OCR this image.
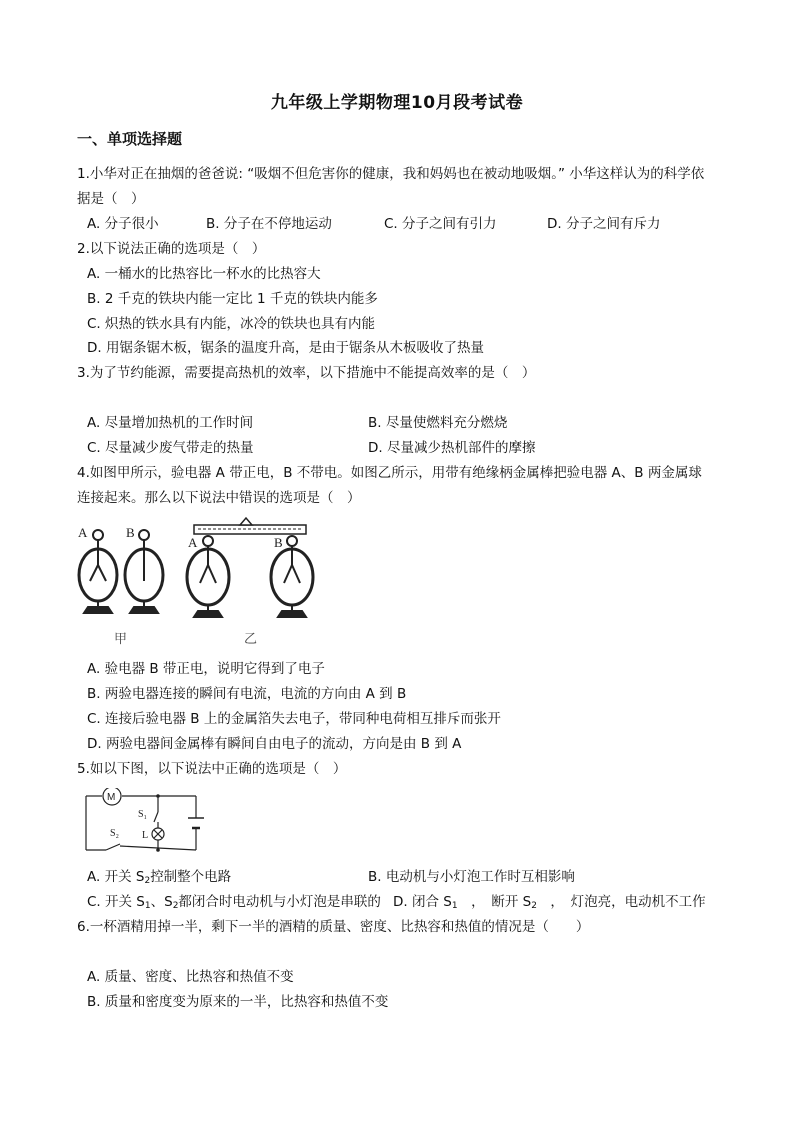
九年级上学期物理10月段考试卷
一、单项选择题
1.小华对正在抽烟的爸爸说: “吸烟不但危害你的健康，我和妈妈也在被动地吸烟。” 小华这样认为的科学依
据是（　）
A. 分子很小	B. 分子在不停地运动	C. 分子之间有引力	D. 分子之间有斥力
2.以下说法正确的选项是（　）
A. 一桶水的比热容比一杯水的比热容大
B. 2 千克的铁块内能一定比 1 千克的铁块内能多
C. 炽热的铁水具有内能，冰冷的铁块也具有内能
D. 用锯条锯木板，锯条的温度升高，是由于锯条从木板吸收了热量
3.为了节约能源，需要提高热机的效率，以下措施中不能提高效率的是（　）
A. 尽量增加热机的工作时间	B. 尽量使燃料充分燃烧
C. 尽量减少废气带走的热量	D. 尽量减少热机部件的摩擦
4.如图甲所示，验电器 A 带正电，B 不带电。如图乙所示，用带有绝缘柄金属棒把验电器 A、B 两金属球
连接起来。那么以下说法中错误的选项是（　）
A	B
甲
A	B
乙
A. 验电器 B 带正电，说明它得到了电子
B. 两验电器连接的瞬间有电流，电流的方向由 A 到 B
C. 连接后验电器 B 上的金属箔失去电子，带同种电荷相互排斥而张开
D. 两验电器间金属棒有瞬间自由电子的流动，方向是由 B 到 A
5.如以下图，以下说法中正确的选项是（　）
M
S₁
L
S₂
A. 开关 $S_2$控制整个电路	B. 电动机与小灯泡工作时互相影响
C. 开关 $S_1$、$S_2$都闭合时电动机与小灯泡是串联的 D. 闭合 $S_1$　，　断开 $S_2$　，　灯泡亮，电动机不工作
6.一杯酒精用掉一半，剩下一半的酒精的质量、密度、比热容和热值的情况是（　　）
A. 质量、密度、比热容和热值不变
B. 质量和密度变为原来的一半，比热容和热值不变
